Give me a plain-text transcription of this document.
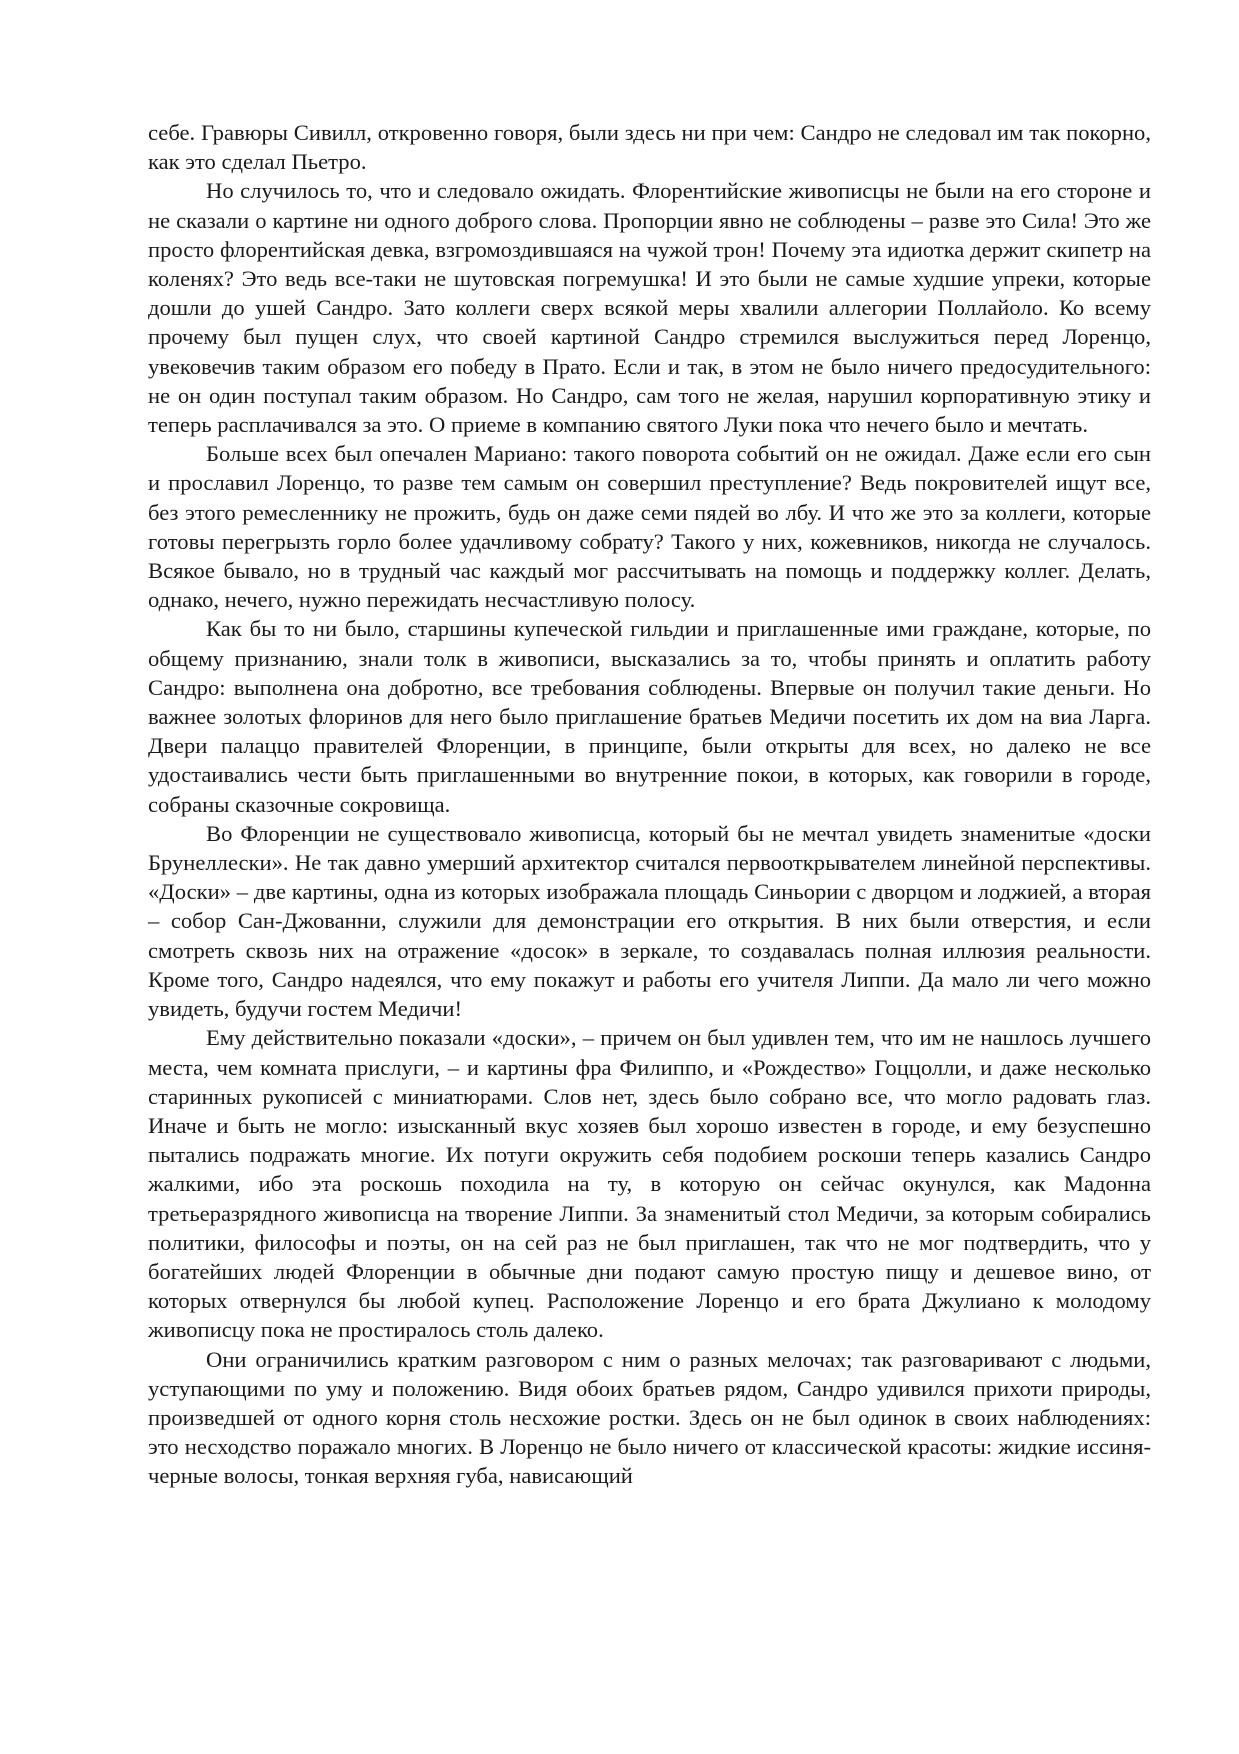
себе. Гравюры Сивилл, откровенно говоря, были здесь ни при чем: Сандро не следовал им так покорно, как это сделал Пьетро.

Но случилось то, что и следовало ожидать. Флорентийские живописцы не были на его стороне и не сказали о картине ни одного доброго слова. Пропорции явно не соблюдены – разве это Сила! Это же просто флорентийская девка, взгромоздившаяся на чужой трон! Почему эта идиотка держит скипетр на коленях? Это ведь все-таки не шутовская погремушка! И это были не самые худшие упреки, которые дошли до ушей Сандро. Зато коллеги сверх всякой меры хвалили аллегории Поллайоло. Ко всему прочему был пущен слух, что своей картиной Сандро стремился выслужиться перед Лоренцо, увековечив таким образом его победу в Прато. Если и так, в этом не было ничего предосудительного: не он один поступал таким образом. Но Сандро, сам того не желая, нарушил корпоративную этику и теперь расплачивался за это. О приеме в компанию святого Луки пока что нечего было и мечтать.

Больше всех был опечален Мариано: такого поворота событий он не ожидал. Даже если его сын и прославил Лоренцо, то разве тем самым он совершил преступление? Ведь покровителей ищут все, без этого ремесленнику не прожить, будь он даже семи пядей во лбу. И что же это за коллеги, которые готовы перегрызть горло более удачливому собрату? Такого у них, кожевников, никогда не случалось. Всякое бывало, но в трудный час каждый мог рассчитывать на помощь и поддержку коллег. Делать, однако, нечего, нужно пережидать несчастливую полосу.

Как бы то ни было, старшины купеческой гильдии и приглашенные ими граждане, которые, по общему признанию, знали толк в живописи, высказались за то, чтобы принять и оплатить работу Сандро: выполнена она добротно, все требования соблюдены. Впервые он получил такие деньги. Но важнее золотых флоринов для него было приглашение братьев Медичи посетить их дом на виа Ларга. Двери палаццо правителей Флоренции, в принципе, были открыты для всех, но далеко не все удостаивались чести быть приглашенными во внутренние покои, в которых, как говорили в городе, собраны сказочные сокровища.

Во Флоренции не существовало живописца, который бы не мечтал увидеть знаменитые «доски Брунеллески». Не так давно умерший архитектор считался первооткрывателем линейной перспективы. «Доски» – две картины, одна из которых изображала площадь Синьории с дворцом и лоджией, а вторая – собор Сан-Джованни, служили для демонстрации его открытия. В них были отверстия, и если смотреть сквозь них на отражение «досок» в зеркале, то создавалась полная иллюзия реальности. Кроме того, Сандро надеялся, что ему покажут и работы его учителя Липпи. Да мало ли чего можно увидеть, будучи гостем Медичи!

Ему действительно показали «доски», – причем он был удивлен тем, что им не нашлось лучшего места, чем комната прислуги, – и картины фра Филиппо, и «Рождество» Гоццолли, и даже несколько старинных рукописей с миниатюрами. Слов нет, здесь было собрано все, что могло радовать глаз. Иначе и быть не могло: изысканный вкус хозяев был хорошо известен в городе, и ему безуспешно пытались подражать многие. Их потуги окружить себя подобием роскоши теперь казались Сандро жалкими, ибо эта роскошь походила на ту, в которую он сейчас окунулся, как Мадонна третьеразрядного живописца на творение Липпи. За знаменитый стол Медичи, за которым собирались политики, философы и поэты, он на сей раз не был приглашен, так что не мог подтвердить, что у богатейших людей Флоренции в обычные дни подают самую простую пищу и дешевое вино, от которых отвернулся бы любой купец. Расположение Лоренцо и его брата Джулиано к молодому живописцу пока не простиралось столь далеко.

Они ограничились кратким разговором с ним о разных мелочах; так разговаривают с людьми, уступающими по уму и положению. Видя обоих братьев рядом, Сандро удивился прихоти природы, произведшей от одного корня столь несхожие ростки. Здесь он не был одинок в своих наблюдениях: это несходство поражало многих. В Лоренцо не было ничего от классической красоты: жидкие иссиня-черные волосы, тонкая верхняя губа, нависающий
